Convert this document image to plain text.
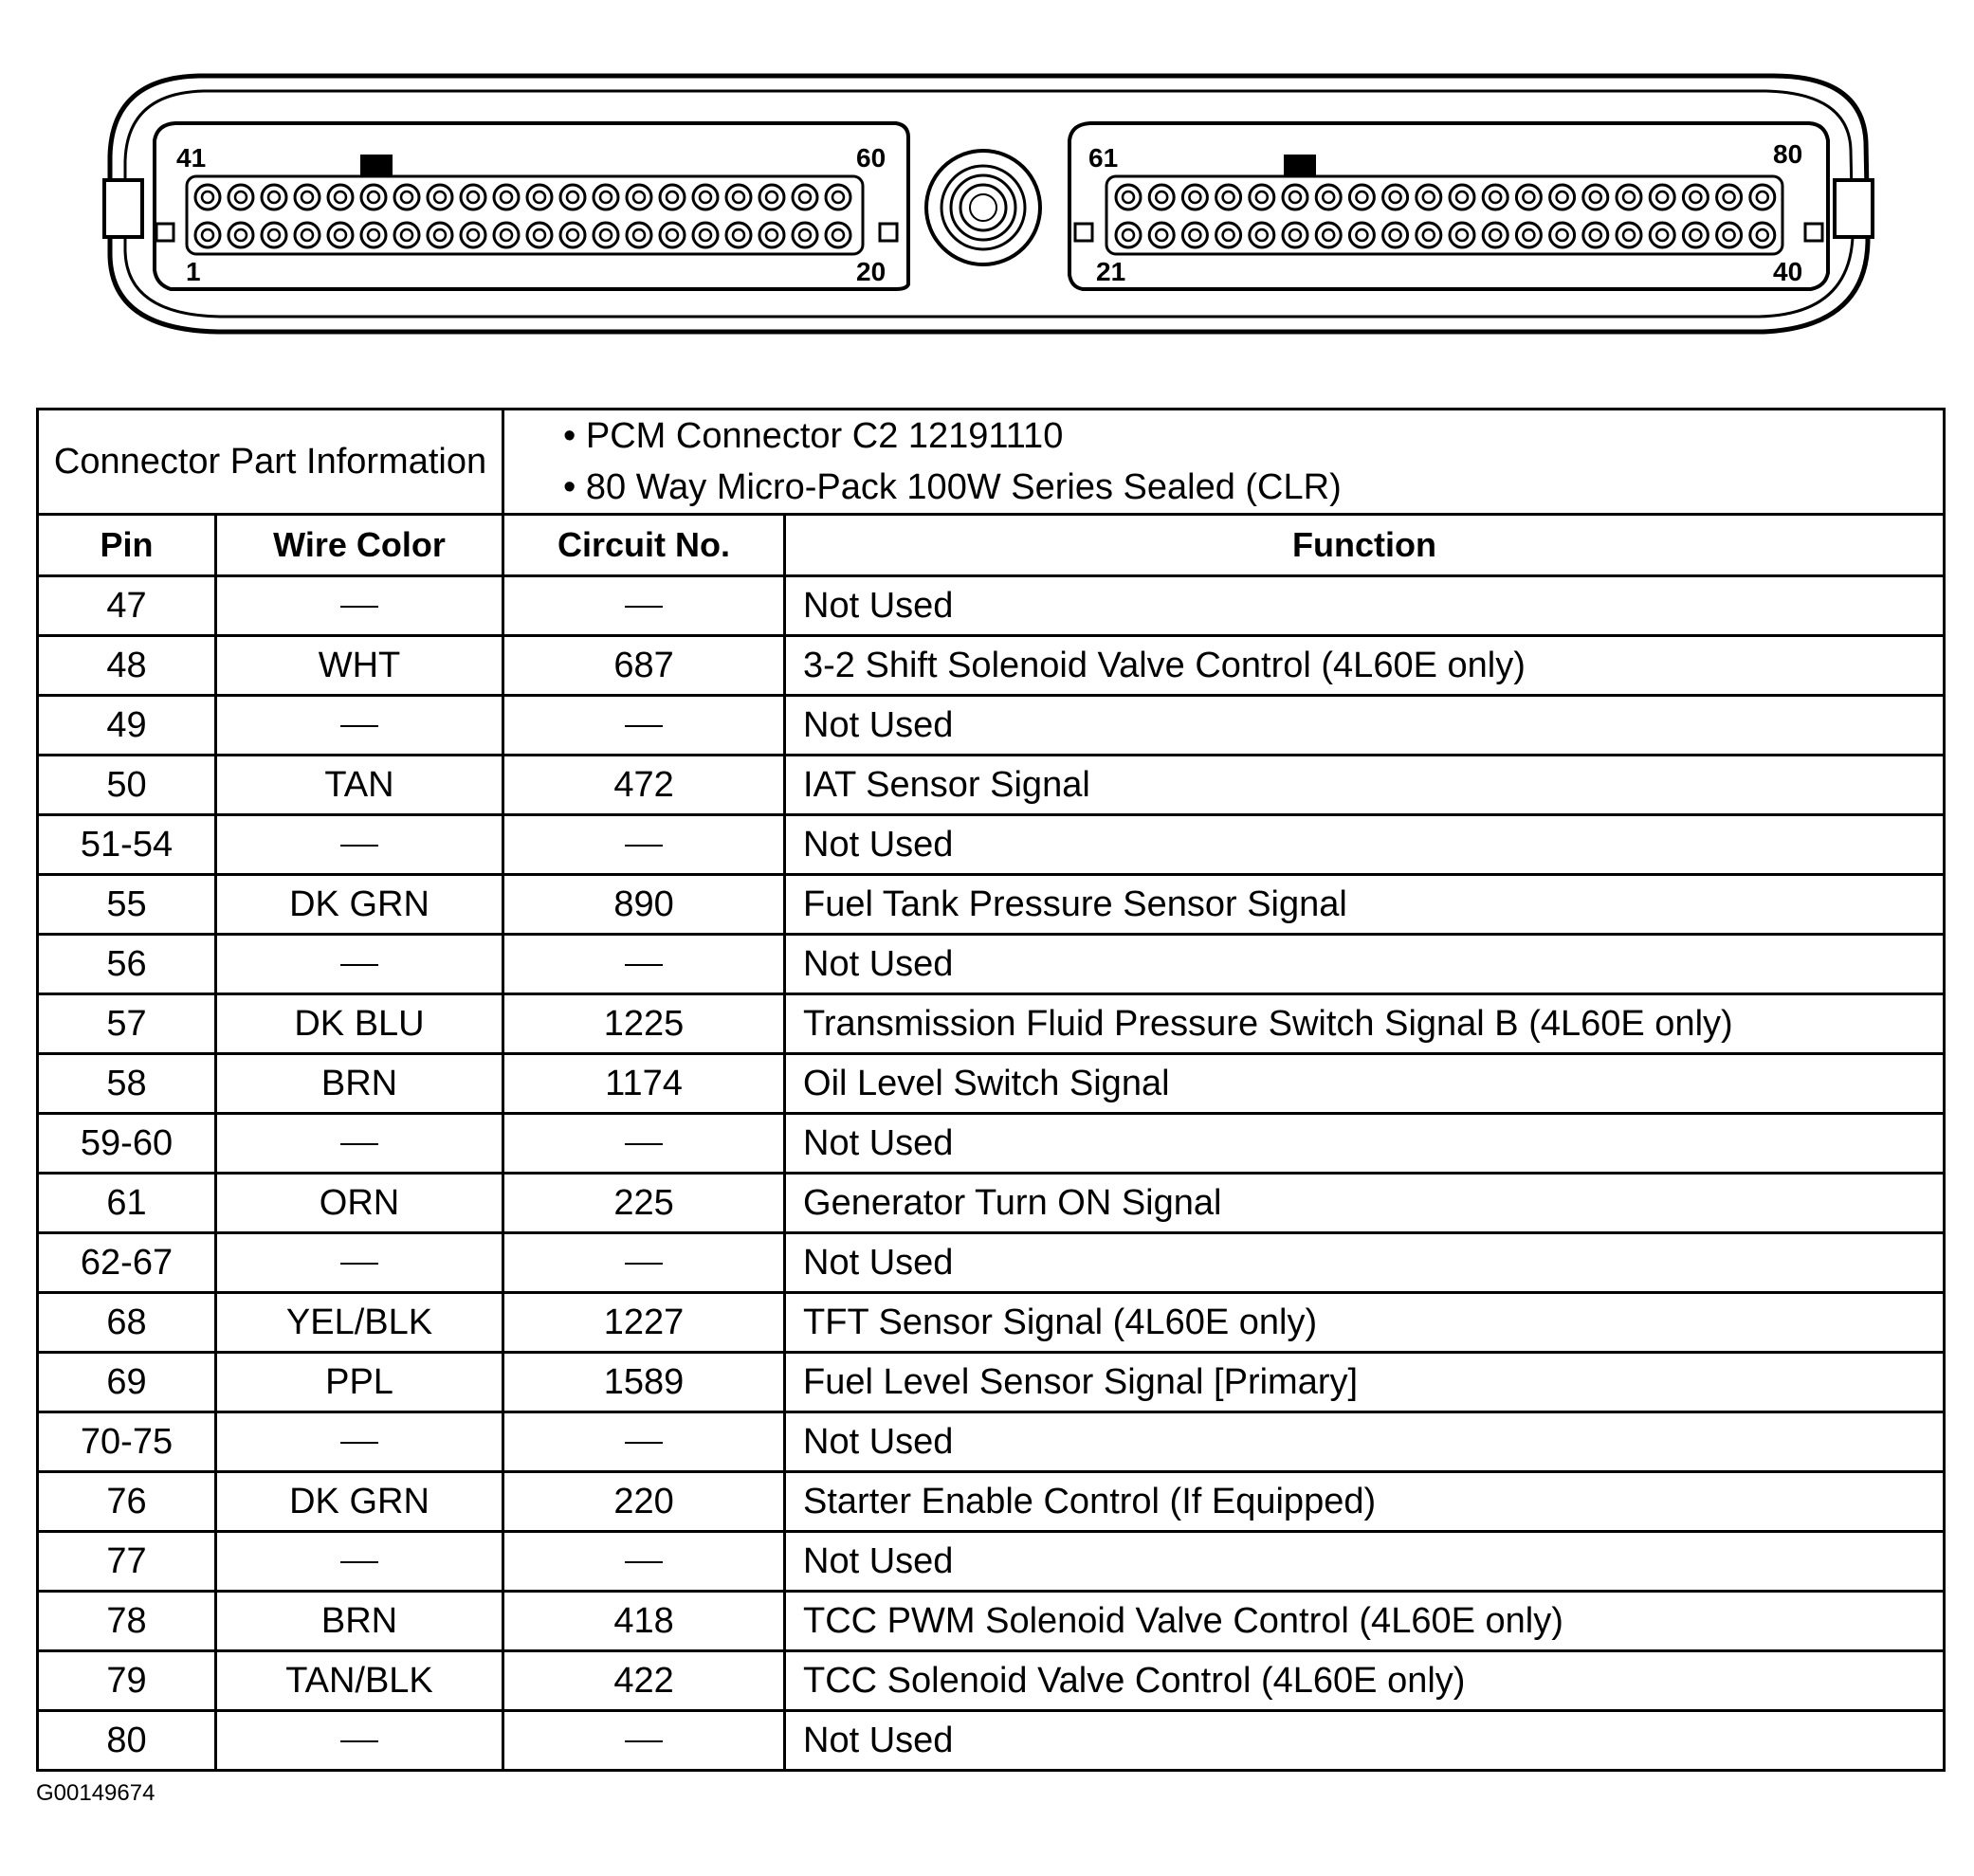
41	60
1	20
61	80
21	40
Connector Part Information		• PCM Connector C2 12191110
• 80 Way Micro-Pack 100W Series Sealed (CLR)	

Pin	Wire Color	Circuit No.	Function
47			Not Used
48	WHT	687	3-2 Shift Solenoid Valve Control (4L60E only)
49			Not Used
50	TAN	472	IAT Sensor Signal
51-54			Not Used
55	DK GRN	890	Fuel Tank Pressure Sensor Signal
56			Not Used
57	DK BLU	1225	Transmission Fluid Pressure Switch Signal B (4L60E only)
58	BRN	1174	Oil Level Switch Signal
59-60			Not Used
61	ORN	225	Generator Turn ON Signal
62-67			Not Used
68	YEL/BLK	1227	TFT Sensor Signal (4L60E only)
69	PPL	1589	Fuel Level Sensor Signal [Primary]
70-75			Not Used
76	DK GRN	220	Starter Enable Control (If Equipped)
77			Not Used
78	BRN	418	TCC PWM Solenoid Valve Control (4L60E only)
79	TAN/BLK	422	TCC Solenoid Valve Control (4L60E only)
80			Not Used
G00149674
